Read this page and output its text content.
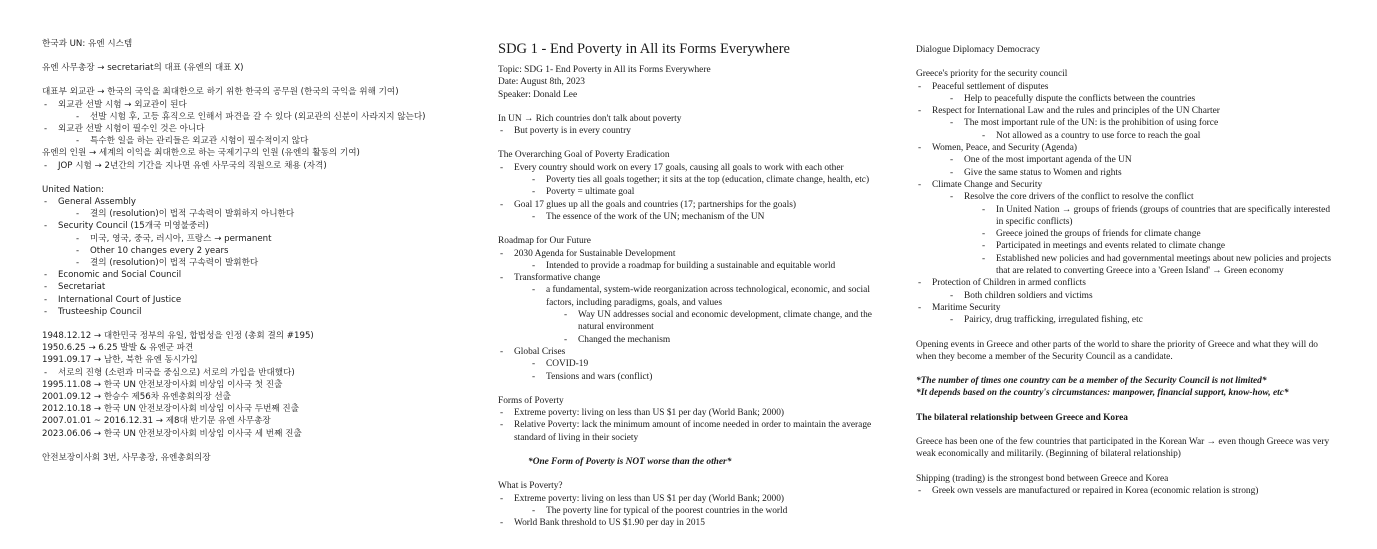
한국과 UN: 유엔 시스템
유엔 사무총장 → secretariat의 대표 (유엔의 대표 X)
대표부 외교관 → 한국의 국익을 최대한으로 하기 위한 한국의 공무원 (한국의 국익을 위해 기여)
- 외교관 선발 시험 → 외교관이 된다
- 선발 시험 후, 고등 휴직으로 인해서 파견을 갈 수 있다 (외교관의 신분이 사라지지 않는다)
- 외교관 선발 시험이 필수인 것은 아니다
- 특수한 일을 하는 관리들은 외교관 시험이 필수적이지 않다
유엔의 인원 → 세계의 이익을 최대한으로 하는 국제기구의 인원 (유엔의 활동의 기여)
- JOP 시험 → 2년간의 기간을 지나면 유엔 사무국의 직원으로 채용 (자격)
United Nation:
- General Assembly
- 결의 (resolution)이 법적 구속력이 발휘하지 아니한다
- Security Council (15개국 미영불중러)
- 미국, 영국, 중국, 러시아, 프랑스 → permanent
- Other 10 changes every 2 years
- 결의 (resolution)이 법적 구속력이 발휘한다
- Economic and Social Council
- Secretariat
- International Court of Justice
- Trusteeship Council
1948.12.12 → 대한민국 정부의 유일, 합법성을 인정 (총회 결의 #195)
1950.6.25 → 6.25 발발 & 유엔군 파견
1991.09.17 → 남한, 북한 유엔 동시가입
- 서로의 진형 (소련과 미국을 중심으로) 서로의 가입을 반대했다)
1995.11.08 → 한국 UN 안전보장이사회 비상임 이사국 첫 진출
2001.09.12 → 한승수 제56차 유엔총회의장 선출
2012.10.18 → 한국 UN 안전보장이사회 비상임 이사국 두번째 진출
2007.01.01 ~ 2016.12.31 → 제8대 반기문 유엔 사무총장
2023.06.06 → 한국 UN 안전보장이사회 비상임 이사국 세 번째 진출
안전보장이사회 3번, 사무총장, 유엔총회의장
SDG 1 - End Poverty in All its Forms Everywhere
Topic: SDG 1- End Poverty in All its Forms Everywhere
Date: August 8th, 2023
Speaker: Donald Lee
In UN → Rich countries don't talk about poverty
- But poverty is in every country
The Overarching Goal of Poverty Eradication
- Every country should work on every 17 goals, causing all goals to work with each other
- Poverty ties all goals together; it sits at the top (education, climate change, health, etc)
- Poverty = ultimate goal
- Goal 17 glues up all the goals and countries (17; partnerships for the goals)
- The essence of the work of the UN; mechanism of the UN
Roadmap for Our Future
- 2030 Agenda for Sustainable Development
- Intended to provide a roadmap for building a sustainable and equitable world
- Transformative change
- a fundamental, system-wide reorganization across technological, economic, and social factors, including paradigms, goals, and values
- Way UN addresses social and economic development, climate change, and the natural environment
- Changed the mechanism
- Global Crises
- COVID-19
- Tensions and wars (conflict)
Forms of Poverty
- Extreme poverty: living on less than US $1 per day (World Bank; 2000)
- Relative Poverty: lack the minimum amount of income needed in order to maintain the average standard of living in their society
*One Form of Poverty is NOT worse than the other*
What is Poverty?
- Extreme poverty: living on less than US $1 per day (World Bank; 2000)
- The poverty line for typical of the poorest countries in the world
- World Bank threshold to US $1.90 per day in 2015
Dialogue Diplomacy Democracy
Greece's priority for the security council
- Peaceful settlement of disputes
- Help to peacefully dispute the conflicts between the countries
- Respect for International Law and the rules and principles of the UN Charter
- The most important rule of the UN: is the prohibition of using force
- Not allowed as a country to use force to reach the goal
- Women, Peace, and Security (Agenda)
- One of the most important agenda of the UN
- Give the same status to Women and rights
- Climate Change and Security
- Resolve the core drivers of the conflict to resolve the conflict
- In United Nation → groups of friends (groups of countries that are specifically interested in specific conflicts)
- Greece joined the groups of friends for climate change
- Participated in meetings and events related to climate change
- Established new policies and had governmental meetings about new policies and projects that are related to converting Greece into a 'Green Island' → Green economy
- Protection of Children in armed conflicts
- Both children soldiers and victims
- Maritime Security
- Pairicy, drug trafficking, irregulated fishing, etc
Opening events in Greece and other parts of the world to share the priority of Greece and what they will do when they become a member of the Security Council as a candidate.
*The number of times one country can be a member of the Security Council is not limited*
*It depends based on the country's circumstances: manpower, financial support, know-how, etc*
The bilateral relationship between Greece and Korea
Greece has been one of the few countries that participated in the Korean War → even though Greece was very weak economically and militarily. (Beginning of bilateral relationship)
Shipping (trading) is the strongest bond between Greece and Korea
- Greek own vessels are manufactured or repaired in Korea (economic relation is strong)
